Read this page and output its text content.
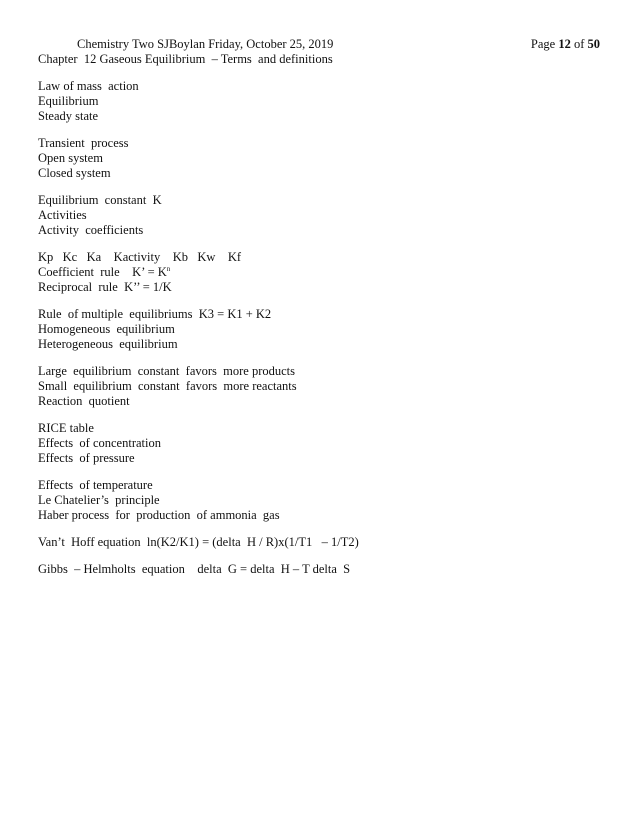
Chemistry Two SJBoylan Friday, October 25, 2019	Page 12 of 50
Chapter  12 Gaseous Equilibrium  – Terms  and definitions
Law of mass  action
Equilibrium
Steady state
Transient  process
Open system
Closed system
Equilibrium  constant  K
Activities
Activity  coefficients
Kp   Kc   Ka    Kactivity    Kb   Kw    Kf
Coefficient  rule    K’ = $K^n$
Reciprocal  rule  K’’ = 1/K
Rule  of multiple  equilibriums  K3 = K1 + K2
Homogeneous  equilibrium
Heterogeneous  equilibrium
Large  equilibrium  constant  favors  more products
Small  equilibrium  constant  favors  more reactants
Reaction  quotient
RICE table
Effects  of concentration
Effects  of pressure
Effects  of temperature
Le Chatelier’s  principle
Haber process  for  production  of ammonia  gas
Van’t  Hoff equation  ln(K2/K1) = (delta  H / R)x(1/T1   – 1/T2)
Gibbs  – Helmholts  equation    delta  G = delta  H – T delta  S
